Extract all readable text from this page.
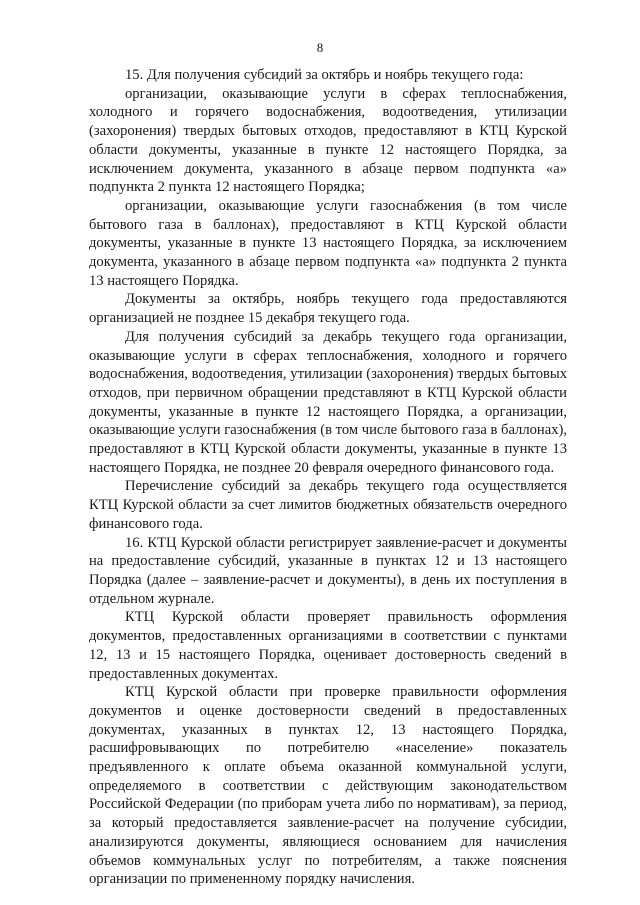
8

15. Для получения субсидий за октябрь и ноябрь текущего года:

организации, оказывающие услуги в сферах теплоснабжения, холодного и горячего водоснабжения, водоотведения, утилизации (захоронения) твердых бытовых отходов, предоставляют в КТЦ Курской области документы, указанные в пункте 12 настоящего Порядка, за исключением документа, указанного в абзаце первом подпункта «а» подпункта 2 пункта 12 настоящего Порядка;

организации, оказывающие услуги газоснабжения (в том числе бытового газа в баллонах), предоставляют в КТЦ Курской области документы, указанные в пункте 13 настоящего Порядка, за исключением документа, указанного в абзаце первом подпункта «а» подпункта 2 пункта 13 настоящего Порядка.

Документы за октябрь, ноябрь текущего года предоставляются организацией не позднее 15 декабря текущего года.

Для получения субсидий за декабрь текущего года организации, оказывающие услуги в сферах теплоснабжения, холодного и горячего водоснабжения, водоотведения, утилизации (захоронения) твердых бытовых отходов, при первичном обращении представляют в КТЦ Курской области документы, указанные в пункте 12 настоящего Порядка, а организации, оказывающие услуги газоснабжения (в том числе бытового газа в баллонах), предоставляют в КТЦ Курской области документы, указанные в пункте 13 настоящего Порядка, не позднее 20 февраля очередного финансового года.

Перечисление субсидий за декабрь текущего года осуществляется КТЦ Курской области за счет лимитов бюджетных обязательств очередного финансового года.

16. КТЦ Курской области регистрирует заявление-расчет и документы на предоставление субсидий, указанные в пунктах 12 и 13 настоящего Порядка (далее – заявление-расчет и документы), в день их поступления в отдельном журнале.

КТЦ Курской области проверяет правильность оформления документов, предоставленных организациями в соответствии с пунктами 12, 13 и 15 настоящего Порядка, оценивает достоверность сведений в предоставленных документах.

КТЦ Курской области при проверке правильности оформления документов и оценке достоверности сведений в предоставленных документах, указанных в пунктах 12, 13 настоящего Порядка, расшифровывающих по потребителю «население» показатель предъявленного к оплате объема оказанной коммунальной услуги, определяемого в соответствии с действующим законодательством Российской Федерации (по приборам учета либо по нормативам), за период, за который предоставляется заявление-расчет на получение субсидии, анализируются документы, являющиеся основанием для начисления объемов коммунальных услуг по потребителям, а также пояснения организации по примененному порядку начисления.
